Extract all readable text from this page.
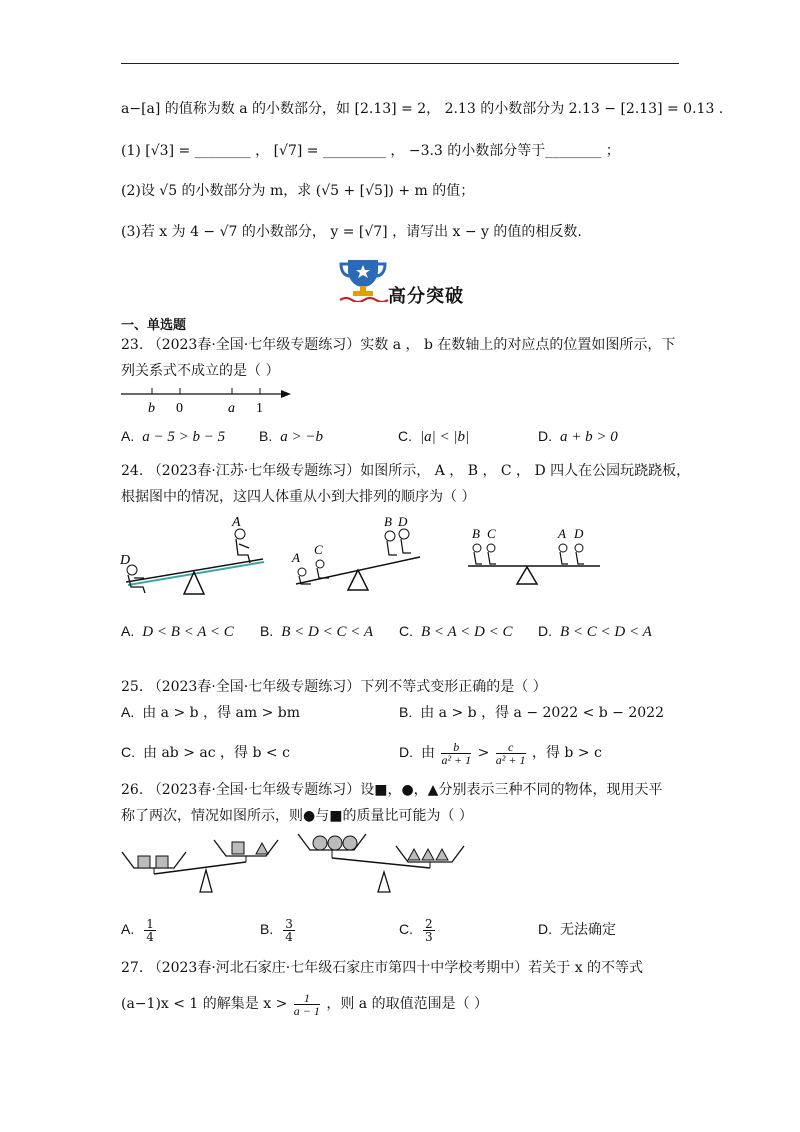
a−[a] 的值称为数 a 的小数部分，如 [2.13] = 2， 2.13 的小数部分为 2.13 − [2.13] = 0.13 .
(1) [√3] = ________ ， [√7] = _________ ， −3.3 的小数部分等于________ ；
(2)设 √5 的小数部分为 m，求 (√5 + [√5]) + m 的值；
(3)若 x 为 4 − √7 的小数部分， y = [√7] ，请写出 x − y 的值的相反数.
高分突破
一、单选题
23. （2023春·全国·七年级专题练习）实数 a ， b 在数轴上的对应点的位置如图所示，下
列关系式不成立的是（ ）
b 0	a 1
A. a − 5 > b − 5 B. a > −b	C. |a| < |b|	D. a + b > 0
24. （2023春·江苏·七年级专题练习）如图所示， A ， B ， C ， D 四人在公园玩跷跷板，
根据图中的情况，这四人体重从小到大排列的顺序为（ ）
D
A
A
C
B D
B C	A D
A. D < B < A < C B. B < D < C < A C. B < A < D < C D. B < C < D < A
25. （2023春·全国·七年级专题练习）下列不等式变形正确的是（ ）
A. 由 a > b ，得 am > bm	B. 由 a > b ，得 a − 2022 < b − 2022
C. 由 ab > ac ，得 b < c	D. 由 $\frac{b}{\text{a² + 1}} > \frac{c}{\text{a² + 1}}$ ，得 b > c
26. （2023春·全国·七年级专题练习）设■，●，▲分别表示三种不同的物体，现用天平
称了两次，情况如图所示，则●与■的质量比可能为（ ）
A. $\frac{1}{4}$	B. $\frac{3}{4}$	C. $\frac{2}{3}$	D. 无法确定
27. （2023春·河北石家庄·七年级石家庄市第四十中学校考期中）若关于 x 的不等式
(a−1)x < 1 的解集是 $x > \frac{1}{a - 1}$ ，则 a 的取值范围是（ ）
